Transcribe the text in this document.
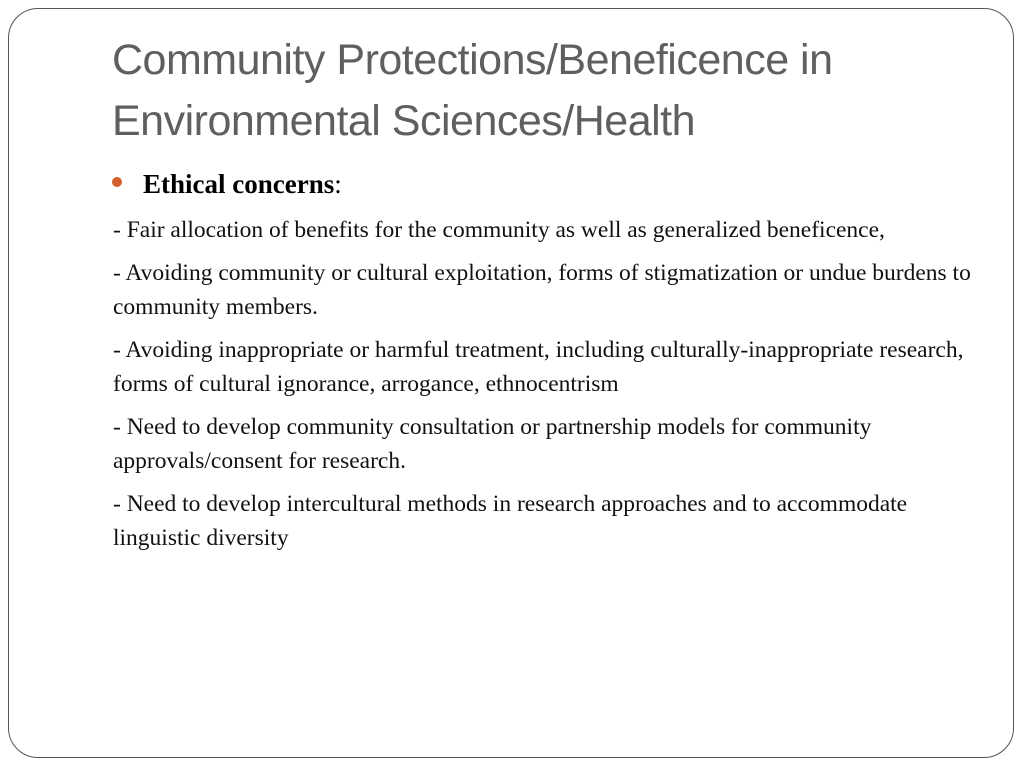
Community Protections/Beneficence in
Environmental Sciences/Health
Ethical concerns:

- Fair allocation of benefits for the community as well as generalized beneficence,

- Avoiding community or cultural exploitation, forms of stigmatization or undue burdens to community members.

- Avoiding inappropriate or harmful treatment, including culturally-inappropriate research, forms of cultural ignorance, arrogance, ethnocentrism

- Need to develop community consultation or partnership models for community approvals/consent for research.

- Need to develop intercultural methods in research approaches and to accommodate linguistic diversity
